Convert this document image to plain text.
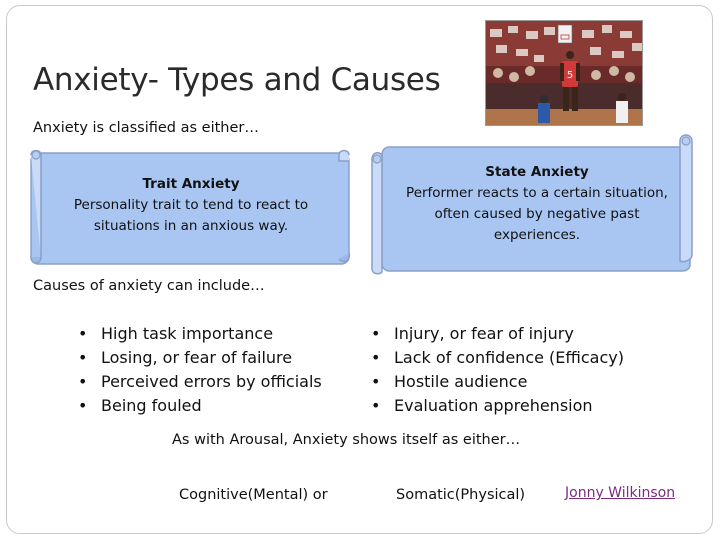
Anxiety- Types and Causes	5
Anxiety is classified as either…
Trait Anxiety
Personality trait to tend to react to situations in an anxious way.
State Anxiety
Performer reacts to a certain situation, often caused by negative past experiences.
Causes of anxiety can include…
• High task importance
• Losing, or fear of failure
• Perceived errors by officials
• Being fouled
• Injury, or fear of injury
• Lack of confidence (Efficacy)
• Hostile audience
• Evaluation apprehension
As with Arousal, Anxiety shows itself as either…
Cognitive(Mental) or	Somatic(Physical)	Jonny Wilkinson
